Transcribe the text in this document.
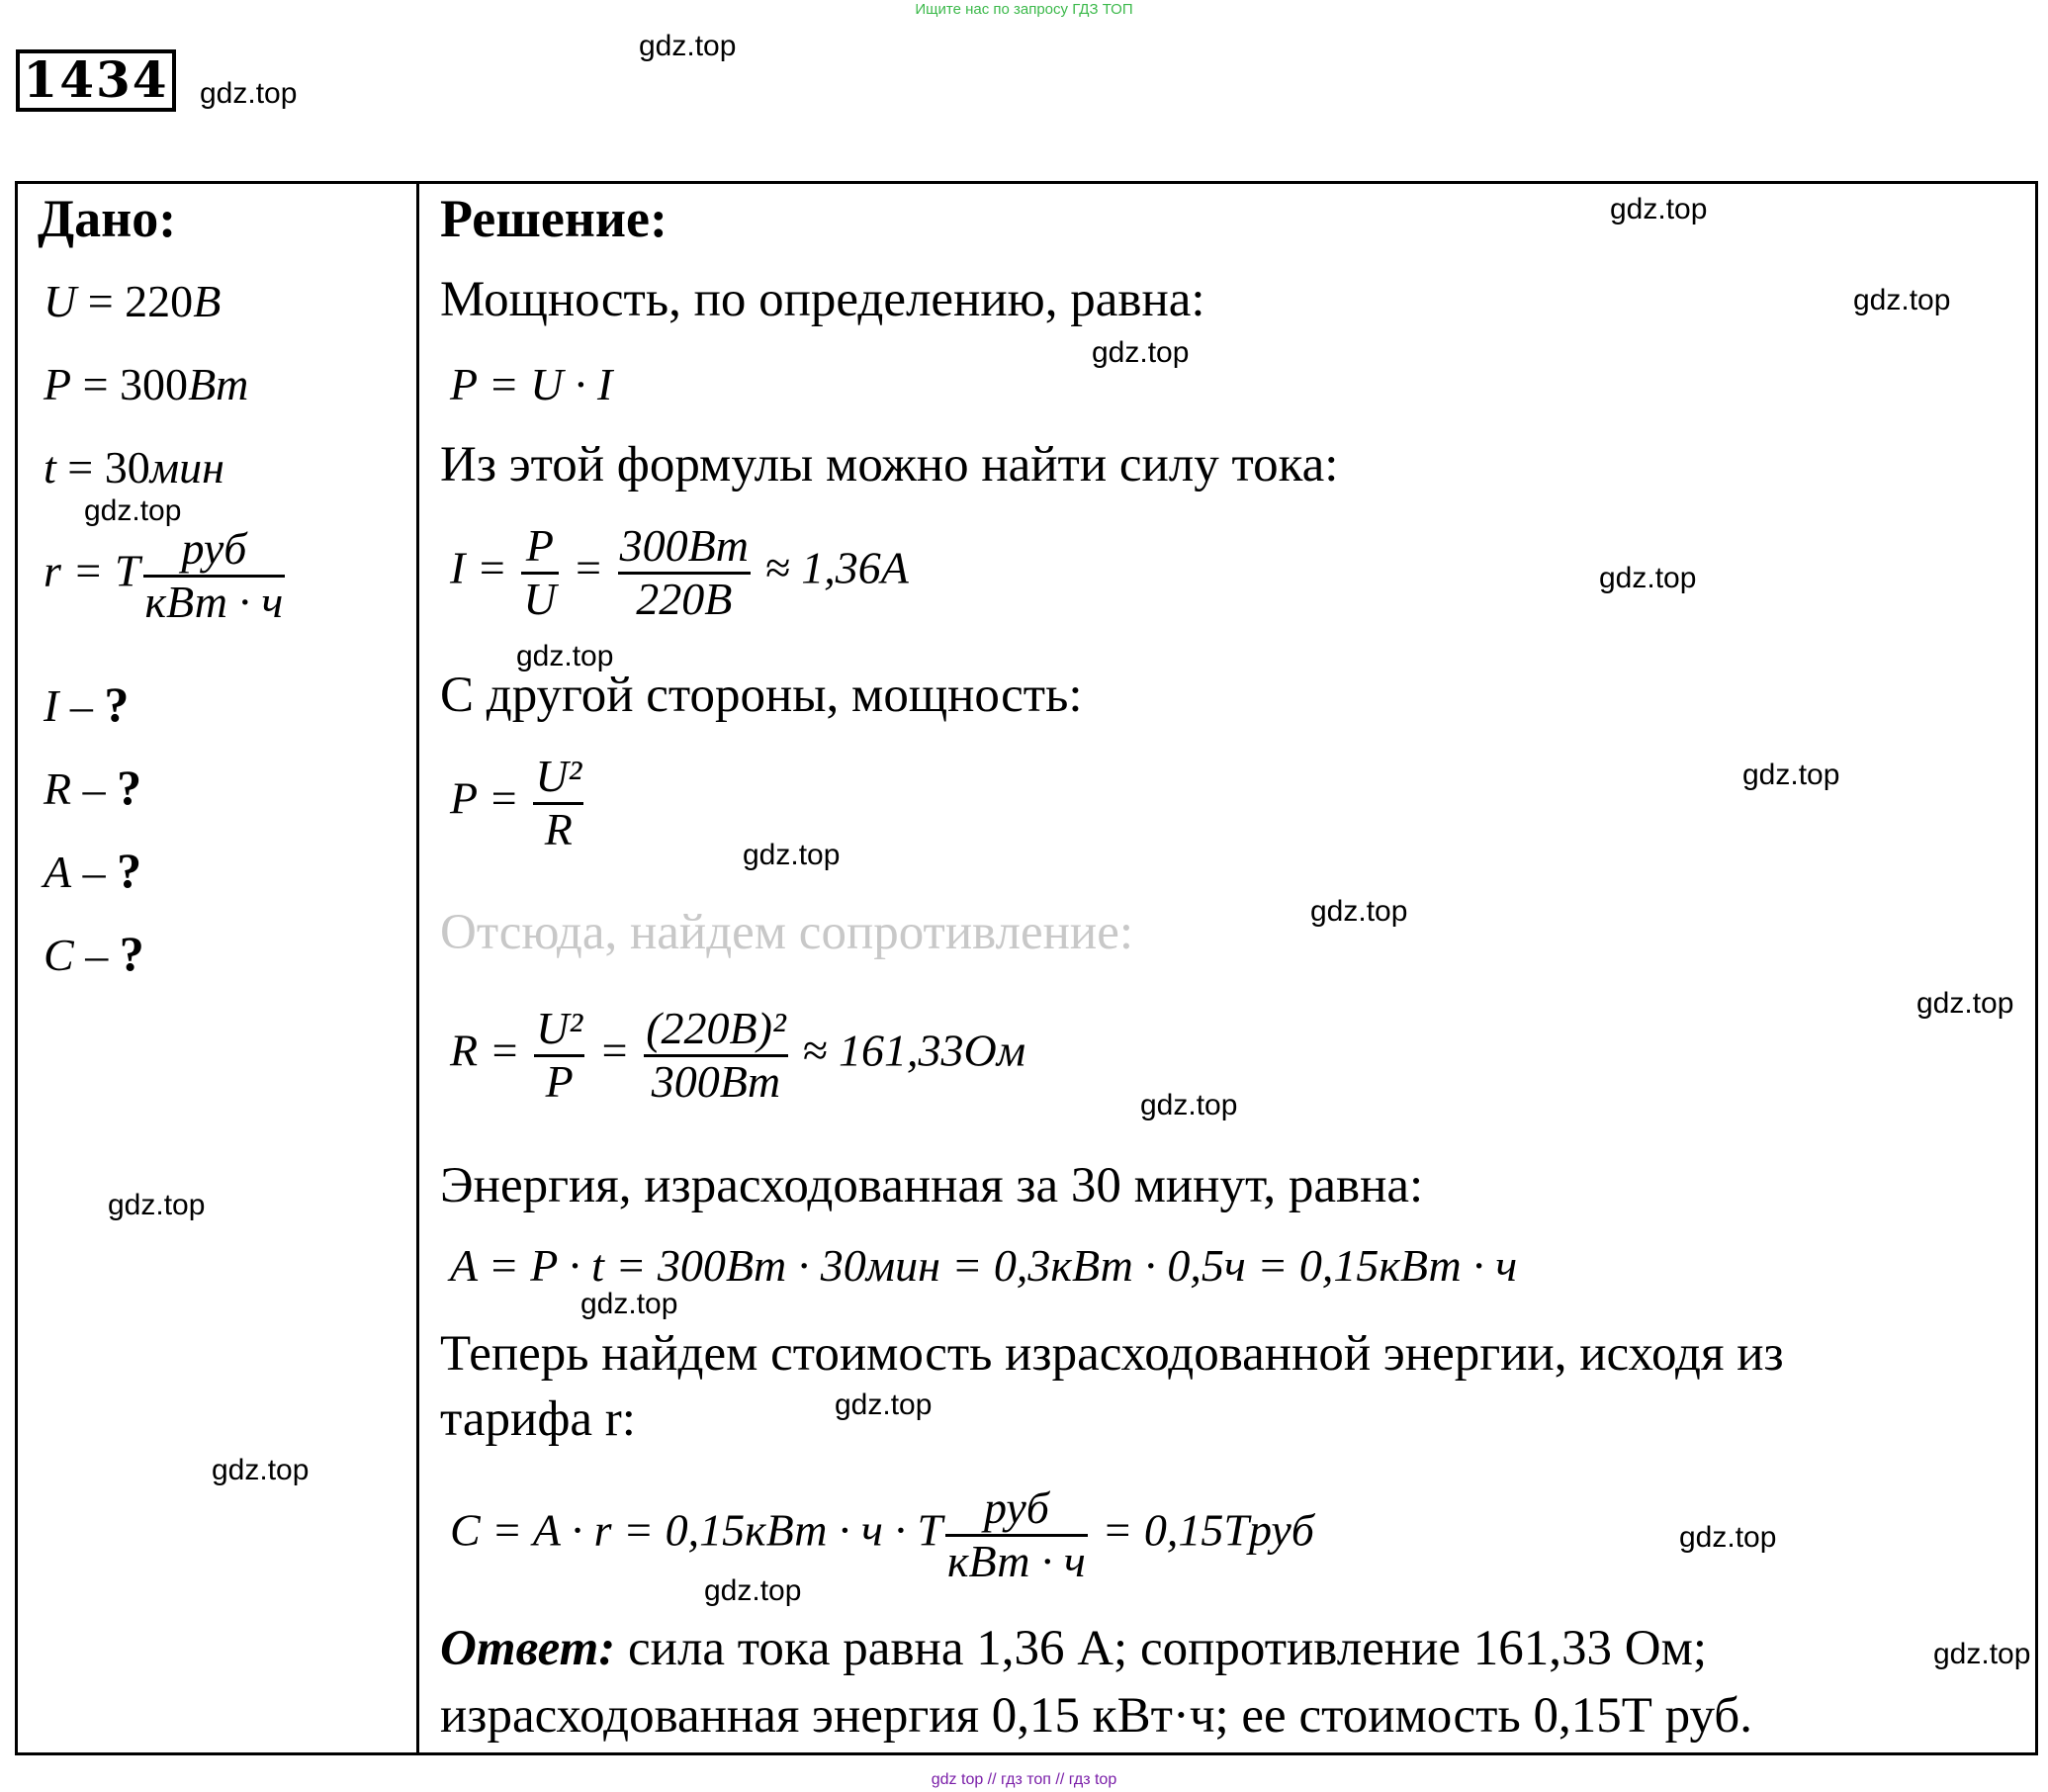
Ищите нас по запросу ГДЗ ТОП
1434
Дано:
U = 220B
P = 300Bm
t = 30мин
r = T $\frac{\text{руб}}{\text{кВт · ч}}$
I – ?
R – ?
A – ?
C – ?
Решение:
Мощность, по определению, равна:
P = U · I
Из этой формулы можно найти силу тока:
$I = \frac{P}{U} = \frac{300Bm}{220B} \approx 1,36A$
С другой стороны, мощность:
$P = \frac{\text{U²}}{R}$
Отсюда, найдем сопротивление:
$R = \frac{\text{U²}}{P} = \frac{\text{(220B)²}}{300Bm} \approx 161,33Ом$
Энергия, израсходованная за 30 минут, равна:
A = P · t = 300Bm · 30мин = 0,3кВт · 0,5ч = 0,15кВт · ч
Теперь найдем стоимость израсходованной энергии, исходя из
тарифа r:
C = A · r = 0,15кВт · ч · T $\frac{\text{руб}}{\text{кВт · ч}}$ = 0,15Tруб
Ответ: сила тока равна 1,36 А; сопротивление 161,33 Ом;
израсходованная энергия 0,15 кВт·ч; ее стоимость 0,15Т руб.
gdz.top
gdz.top
gdz.top
gdz.top
gdz.top
gdz.top
gdz.top
gdz.top
gdz.top
gdz.top
gdz.top
gdz.top
gdz.top
gdz.top
gdz.top
gdz.top
gdz.top
gdz.top
gdz.top
gdz.top
gdz top // гдз топ // гдз top
